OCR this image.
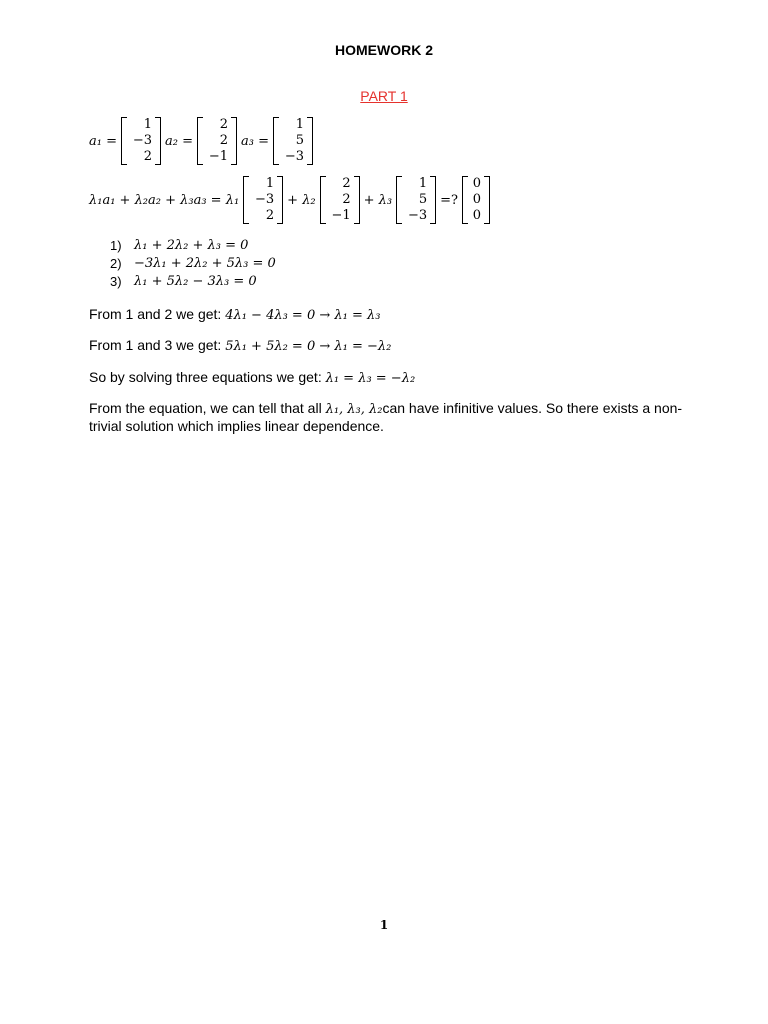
HOMEWORK 2
PART 1
a₁ =
1
−3
2
a₂ =
2
2
−1
a₃ =
1
5
−3
λ₁a₁ + λ₂a₂ + λ₃a₃ = λ₁
1
−3
2
+ λ₂
2
2
−1
+ λ₃
1
5
−3
=?
0
0
0
1) λ₁ + 2λ₂ + λ₃ = 0
2) −3λ₁ + 2λ₂ + 5λ₃ = 0
3) λ₁ + 5λ₂ − 3λ₃ = 0
From 1 and 2 we get: 4λ₁ − 4λ₃ = 0 → λ₁ = λ₃
From 1 and 3 we get: 5λ₁ + 5λ₂ = 0 → λ₁ = −λ₂
So by solving three equations we get: λ₁ = λ₃ = −λ₂
From the equation, we can tell that all λ₁, λ₃, λ₂can have infinitive values. So there exists a non-
trivial solution which implies linear dependence.
1
